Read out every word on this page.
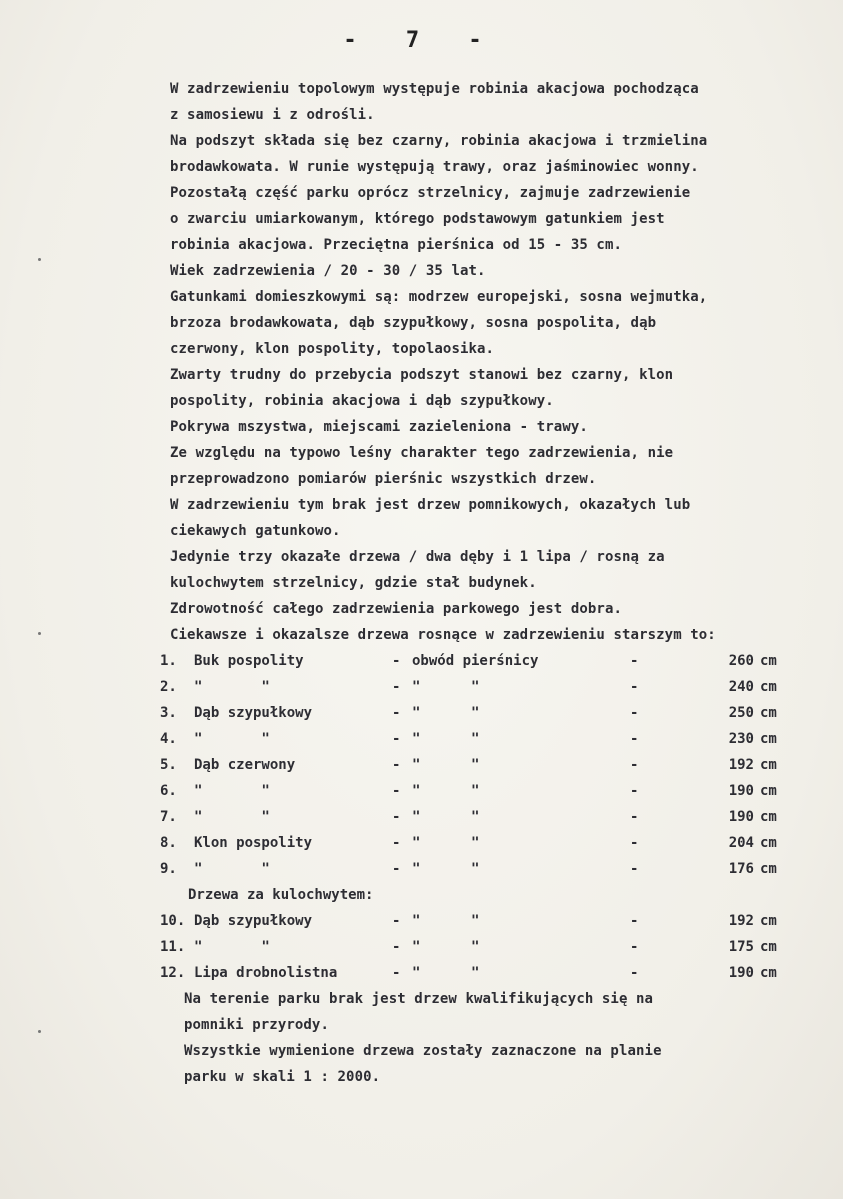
- 7 -
W zadrzewieniu topolowym występuje robinia akacjowa pochodząca
z samosiewu i z odrośli.
Na podszyt składa się bez czarny, robinia akacjowa i trzmielina
brodawkowata. W runie występują trawy, oraz jaśminowiec wonny.
Pozostałą część parku oprócz strzelnicy, zajmuje zadrzewienie
o zwarciu umiarkowanym, którego podstawowym gatunkiem jest
robinia akacjowa. Przeciętna pierśnica od 15 - 35 cm.
Wiek zadrzewienia / 20 - 30 / 35 lat.
Gatunkami domieszkowymi są: modrzew europejski, sosna wejmutka,
brzoza brodawkowata, dąb szypułkowy, sosna pospolita, dąb
czerwony, klon pospolity, topolaosika.
Zwarty trudny do przebycia podszyt stanowi bez czarny, klon
pospolity, robinia akacjowa i dąb szypułkowy.
Pokrywa mszystwa, miejscami zazieleniona - trawy.
Ze względu na typowo leśny charakter tego zadrzewienia, nie
przeprowadzono pomiarów pierśnic wszystkich drzew.
W zadrzewieniu tym brak jest drzew pomnikowych, okazałych lub
ciekawych gatunkowo.
Jedynie trzy okazałe drzewa / dwa dęby i 1 lipa / rosną za
kulochwytem strzelnicy, gdzie stał budynek.
Zdrowotność całego zadrzewienia parkowego jest dobra.
Ciekawsze i okazalsze drzewa rosnące w zadrzewieniu starszym to:
1.	Buk pospolity	- obwód pierśnicy	-	260 cm
2.	"       "	- "      "	-	240 cm
3.	Dąb szypułkowy	- "      "	-	250 cm
4.	"       "	- "      "	-	230 cm
5.	Dąb czerwony	- "      "	-	192 cm
6.	"       "	- "      "	-	190 cm
7.	"       "	- "      "	-	190 cm
8.	Klon pospolity	- "      "	-	204 cm
9.	"       "	- "      "	-	176 cm
Drzewa za kulochwytem:
10. Dąb szypułkowy	- "      "	-	192 cm
11. "       "	- "      "	-	175 cm
12. Lipa drobnolistna	- "      "	-	190 cm
Na terenie parku brak jest drzew kwalifikujących się na
pomniki przyrody.
Wszystkie wymienione drzewa zostały zaznaczone na planie
parku w skali 1 : 2000.
